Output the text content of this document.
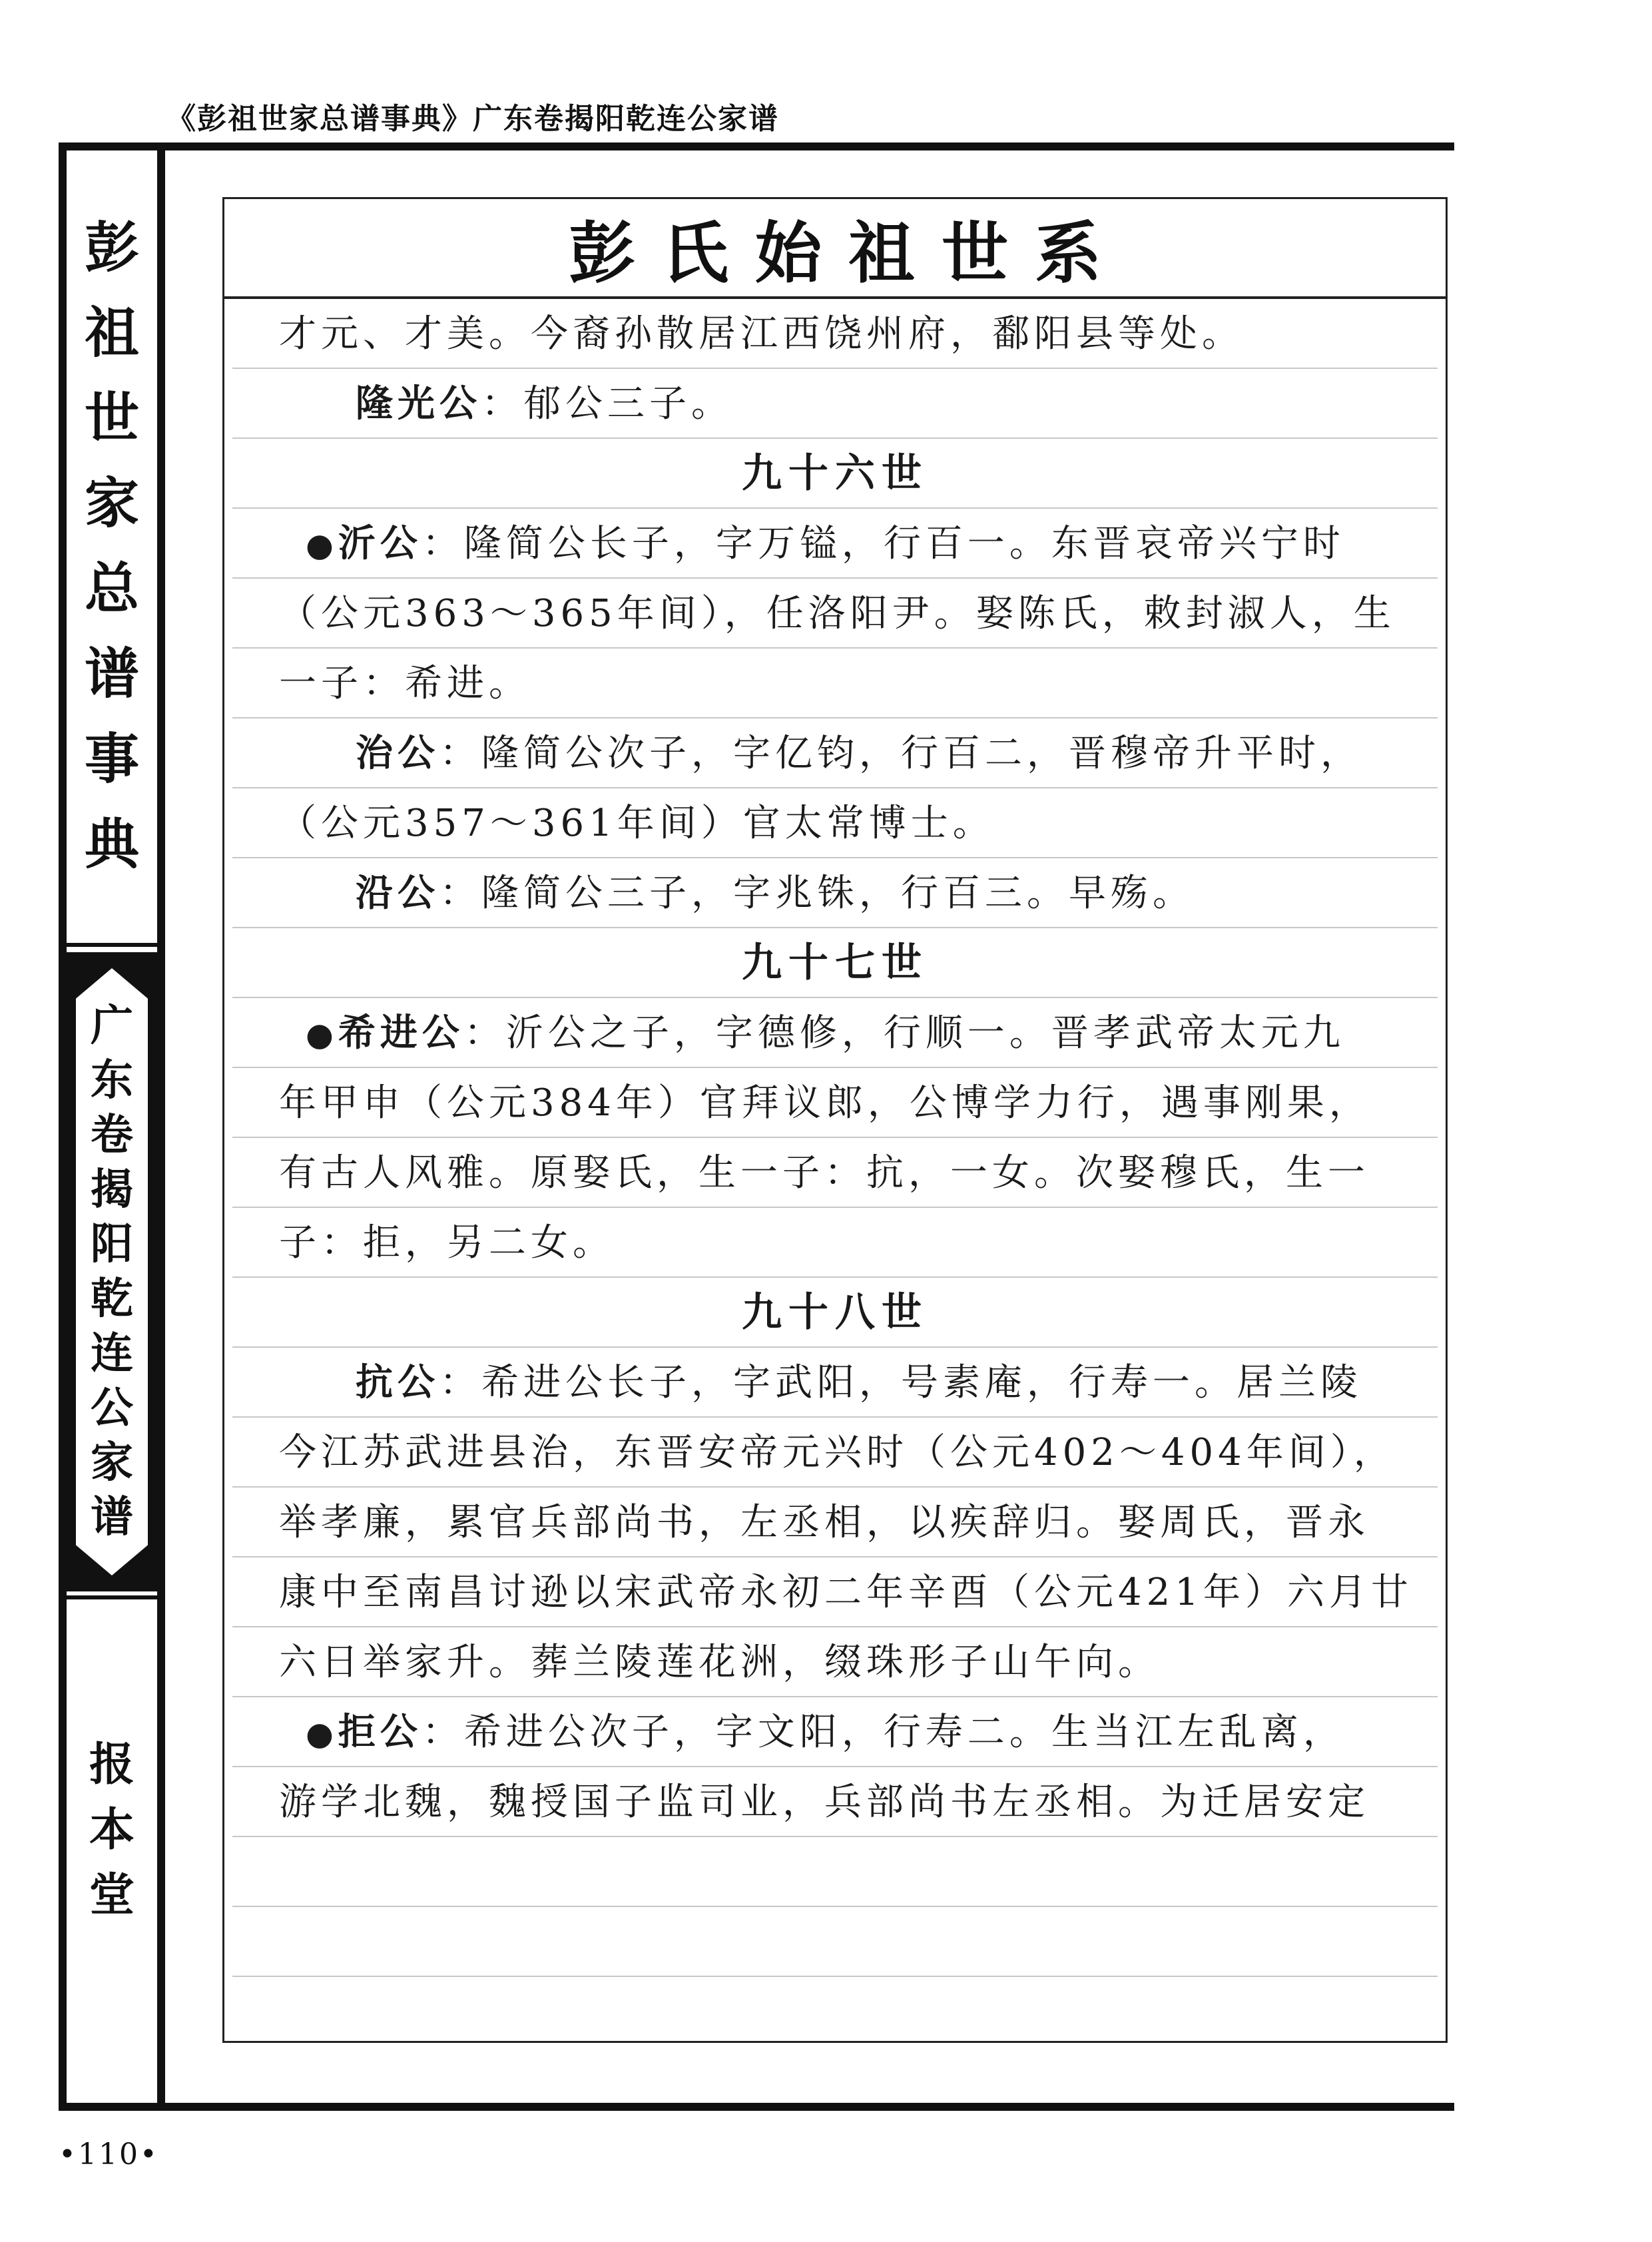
《彭祖世家总谱事典》广东卷揭阳乾连公家谱
彭
祖
世
家
总
谱
事
典
广
东
卷
揭
阳
乾
连
公
家
谱
报
本
堂
彭氏始祖世系
才元、才美。今裔孙散居江西饶州府，鄱阳县等处。
隆光公：郁公三子。
九十六世
●沂公：隆简公长子，字万镒，行百一。东晋哀帝兴宁时
（公元363～365年间），任洛阳尹。娶陈氏，敕封淑人，生
一子：希进。
治公：隆简公次子，字亿钧，行百二，晋穆帝升平时，
（公元357～361年间）官太常博士。
沿公：隆简公三子，字兆铢，行百三。早殇。
九十七世
●希进公：沂公之子，字德修，行顺一。晋孝武帝太元九
年甲申（公元384年）官拜议郎，公博学力行，遇事刚果，
有古人风雅。原娶氏，生一子：抗，一女。次娶穆氏，生一
子：拒，另二女。
九十八世
抗公：希进公长子，字武阳，号素庵，行寿一。居兰陵
今江苏武进县治，东晋安帝元兴时（公元402～404年间），
举孝廉，累官兵部尚书，左丞相，以疾辞归。娶周氏，晋永
康中至南昌讨逊以宋武帝永初二年辛酉（公元421年）六月廿
六日举家升。葬兰陵莲花洲，缀珠形子山午向。
●拒公：希进公次子，字文阳，行寿二。生当江左乱离，
游学北魏，魏授国子监司业，兵部尚书左丞相。为迁居安定
•110•
